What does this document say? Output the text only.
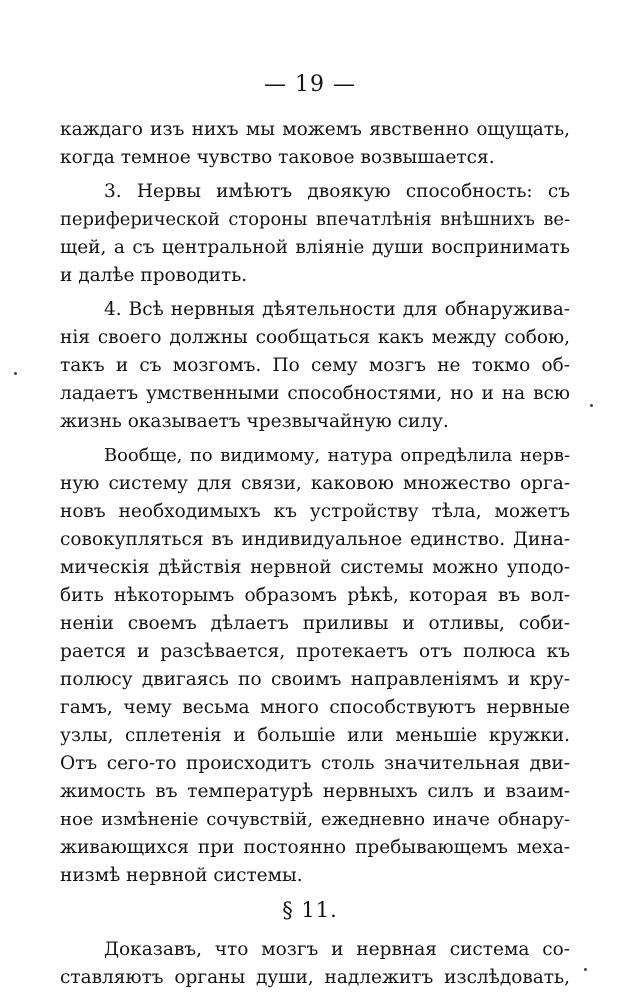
— 19 —
каждаго изъ нихъ мы можемъ явственно ощущать,
когда темное чувство таковое возвышается.
3. Нервы имѣютъ двоякую способность: съ
периферической стороны впечатлѣнія внѣшнихъ ве-
щей, а съ центральной вліяніе души воспринимать
и далѣе проводить.
4. Всѣ нервныя дѣятельности для обнаружива-
нія своего должны сообщаться какъ между собою,
такъ и съ мозгомъ. По сему мозгъ не токмо об-
ладаетъ умственными способностями, но и на всю
жизнь оказываетъ чрезвычайную силу.
Вообще, по видимому, натура опредѣлила нерв-
ную систему для связи, каковою множество орга-
новъ необходимыхъ къ устройству тѣла, можетъ
совокупляться въ индивидуальное единство. Дина-
мическія дѣйствія нервной системы можно уподо-
бить нѣкоторымъ образомъ рѣкѣ, которая въ вол-
неніи своемъ дѣлаетъ приливы и отливы, соби-
рается и разсѣвается, протекаетъ отъ полюса къ
полюсу двигаясь по своимъ направленіямъ и кру-
гамъ, чему весьма много способствуютъ нервные
узлы, сплетенія и большіе или меньшіе кружки.
Отъ сего-то происходитъ столь значительная дви-
жимость въ температурѣ нервныхъ силъ и взаим-
ное измѣненіе сочувствій, ежедневно иначе обнару-
живающихся при постоянно пребывающемъ меха-
низмѣ нервной системы.
§ 11.
Доказавъ, что мозгъ и нервная система со-
ставляютъ органы души, надлежитъ изслѣдовать,
